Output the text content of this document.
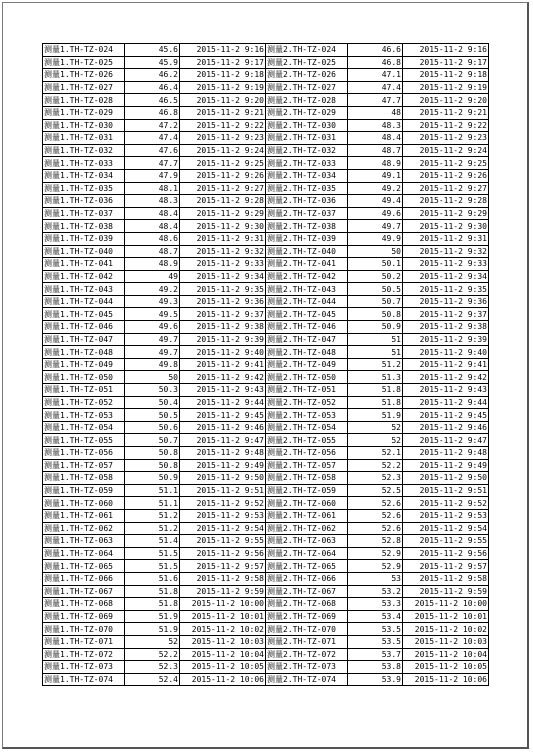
测量1.TH-TZ-024	45.6	2015-11-2 9:16	测量2.TH-TZ-024	46.6	2015-11-2 9:16
测量1.TH-TZ-025	45.9	2015-11-2 9:17	测量2.TH-TZ-025	46.8	2015-11-2 9:17
测量1.TH-TZ-026	46.2	2015-11-2 9:18	测量2.TH-TZ-026	47.1	2015-11-2 9:18
测量1.TH-TZ-027	46.4	2015-11-2 9:19	测量2.TH-TZ-027	47.4	2015-11-2 9:19
测量1.TH-TZ-028	46.5	2015-11-2 9:20	测量2.TH-TZ-028	47.7	2015-11-2 9:20
测量1.TH-TZ-029	46.8	2015-11-2 9:21	测量2.TH-TZ-029	48	2015-11-2 9:21
测量1.TH-TZ-030	47.2	2015-11-2 9:22	测量2.TH-TZ-030	48.3	2015-11-2 9:22
测量1.TH-TZ-031	47.4	2015-11-2 9:23	测量2.TH-TZ-031	48.4	2015-11-2 9:23
测量1.TH-TZ-032	47.6	2015-11-2 9:24	测量2.TH-TZ-032	48.7	2015-11-2 9:24
测量1.TH-TZ-033	47.7	2015-11-2 9:25	测量2.TH-TZ-033	48.9	2015-11-2 9:25
测量1.TH-TZ-034	47.9	2015-11-2 9:26	测量2.TH-TZ-034	49.1	2015-11-2 9:26
测量1.TH-TZ-035	48.1	2015-11-2 9:27	测量2.TH-TZ-035	49.2	2015-11-2 9:27
测量1.TH-TZ-036	48.3	2015-11-2 9:28	测量2.TH-TZ-036	49.4	2015-11-2 9:28
测量1.TH-TZ-037	48.4	2015-11-2 9:29	测量2.TH-TZ-037	49.6	2015-11-2 9:29
测量1.TH-TZ-038	48.4	2015-11-2 9:30	测量2.TH-TZ-038	49.7	2015-11-2 9:30
测量1.TH-TZ-039	48.6	2015-11-2 9:31	测量2.TH-TZ-039	49.9	2015-11-2 9:31
测量1.TH-TZ-040	48.7	2015-11-2 9:32	测量2.TH-TZ-040	50	2015-11-2 9:32
测量1.TH-TZ-041	48.9	2015-11-2 9:33	测量2.TH-TZ-041	50.1	2015-11-2 9:33
测量1.TH-TZ-042	49	2015-11-2 9:34	测量2.TH-TZ-042	50.2	2015-11-2 9:34
测量1.TH-TZ-043	49.2	2015-11-2 9:35	测量2.TH-TZ-043	50.5	2015-11-2 9:35
测量1.TH-TZ-044	49.3	2015-11-2 9:36	测量2.TH-TZ-044	50.7	2015-11-2 9:36
测量1.TH-TZ-045	49.5	2015-11-2 9:37	测量2.TH-TZ-045	50.8	2015-11-2 9:37
测量1.TH-TZ-046	49.6	2015-11-2 9:38	测量2.TH-TZ-046	50.9	2015-11-2 9:38
测量1.TH-TZ-047	49.7	2015-11-2 9:39	测量2.TH-TZ-047	51	2015-11-2 9:39
测量1.TH-TZ-048	49.7	2015-11-2 9:40	测量2.TH-TZ-048	51	2015-11-2 9:40
测量1.TH-TZ-049	49.8	2015-11-2 9:41	测量2.TH-TZ-049	51.2	2015-11-2 9:41
测量1.TH-TZ-050	50	2015-11-2 9:42	测量2.TH-TZ-050	51.3	2015-11-2 9:42
测量1.TH-TZ-051	50.3	2015-11-2 9:43	测量2.TH-TZ-051	51.8	2015-11-2 9:43
测量1.TH-TZ-052	50.4	2015-11-2 9:44	测量2.TH-TZ-052	51.8	2015-11-2 9:44
测量1.TH-TZ-053	50.5	2015-11-2 9:45	测量2.TH-TZ-053	51.9	2015-11-2 9:45
测量1.TH-TZ-054	50.6	2015-11-2 9:46	测量2.TH-TZ-054	52	2015-11-2 9:46
测量1.TH-TZ-055	50.7	2015-11-2 9:47	测量2.TH-TZ-055	52	2015-11-2 9:47
测量1.TH-TZ-056	50.8	2015-11-2 9:48	测量2.TH-TZ-056	52.1	2015-11-2 9:48
测量1.TH-TZ-057	50.8	2015-11-2 9:49	测量2.TH-TZ-057	52.2	2015-11-2 9:49
测量1.TH-TZ-058	50.9	2015-11-2 9:50	测量2.TH-TZ-058	52.3	2015-11-2 9:50
测量1.TH-TZ-059	51.1	2015-11-2 9:51	测量2.TH-TZ-059	52.5	2015-11-2 9:51
测量1.TH-TZ-060	51.1	2015-11-2 9:52	测量2.TH-TZ-060	52.6	2015-11-2 9:52
测量1.TH-TZ-061	51.2	2015-11-2 9:53	测量2.TH-TZ-061	52.6	2015-11-2 9:53
测量1.TH-TZ-062	51.2	2015-11-2 9:54	测量2.TH-TZ-062	52.6	2015-11-2 9:54
测量1.TH-TZ-063	51.4	2015-11-2 9:55	测量2.TH-TZ-063	52.8	2015-11-2 9:55
测量1.TH-TZ-064	51.5	2015-11-2 9:56	测量2.TH-TZ-064	52.9	2015-11-2 9:56
测量1.TH-TZ-065	51.5	2015-11-2 9:57	测量2.TH-TZ-065	52.9	2015-11-2 9:57
测量1.TH-TZ-066	51.6	2015-11-2 9:58	测量2.TH-TZ-066	53	2015-11-2 9:58
测量1.TH-TZ-067	51.8	2015-11-2 9:59	测量2.TH-TZ-067	53.2	2015-11-2 9:59
测量1.TH-TZ-068	51.8	2015-11-2 10:00	测量2.TH-TZ-068	53.3	2015-11-2 10:00
测量1.TH-TZ-069	51.9	2015-11-2 10:01	测量2.TH-TZ-069	53.4	2015-11-2 10:01
测量1.TH-TZ-070	51.9	2015-11-2 10:02	测量2.TH-TZ-070	53.5	2015-11-2 10:02
测量1.TH-TZ-071	52	2015-11-2 10:03	测量2.TH-TZ-071	53.5	2015-11-2 10:03
测量1.TH-TZ-072	52.2	2015-11-2 10:04	测量2.TH-TZ-072	53.7	2015-11-2 10:04
测量1.TH-TZ-073	52.3	2015-11-2 10:05	测量2.TH-TZ-073	53.8	2015-11-2 10:05
测量1.TH-TZ-074	52.4	2015-11-2 10:06	测量2.TH-TZ-074	53.9	2015-11-2 10:06
